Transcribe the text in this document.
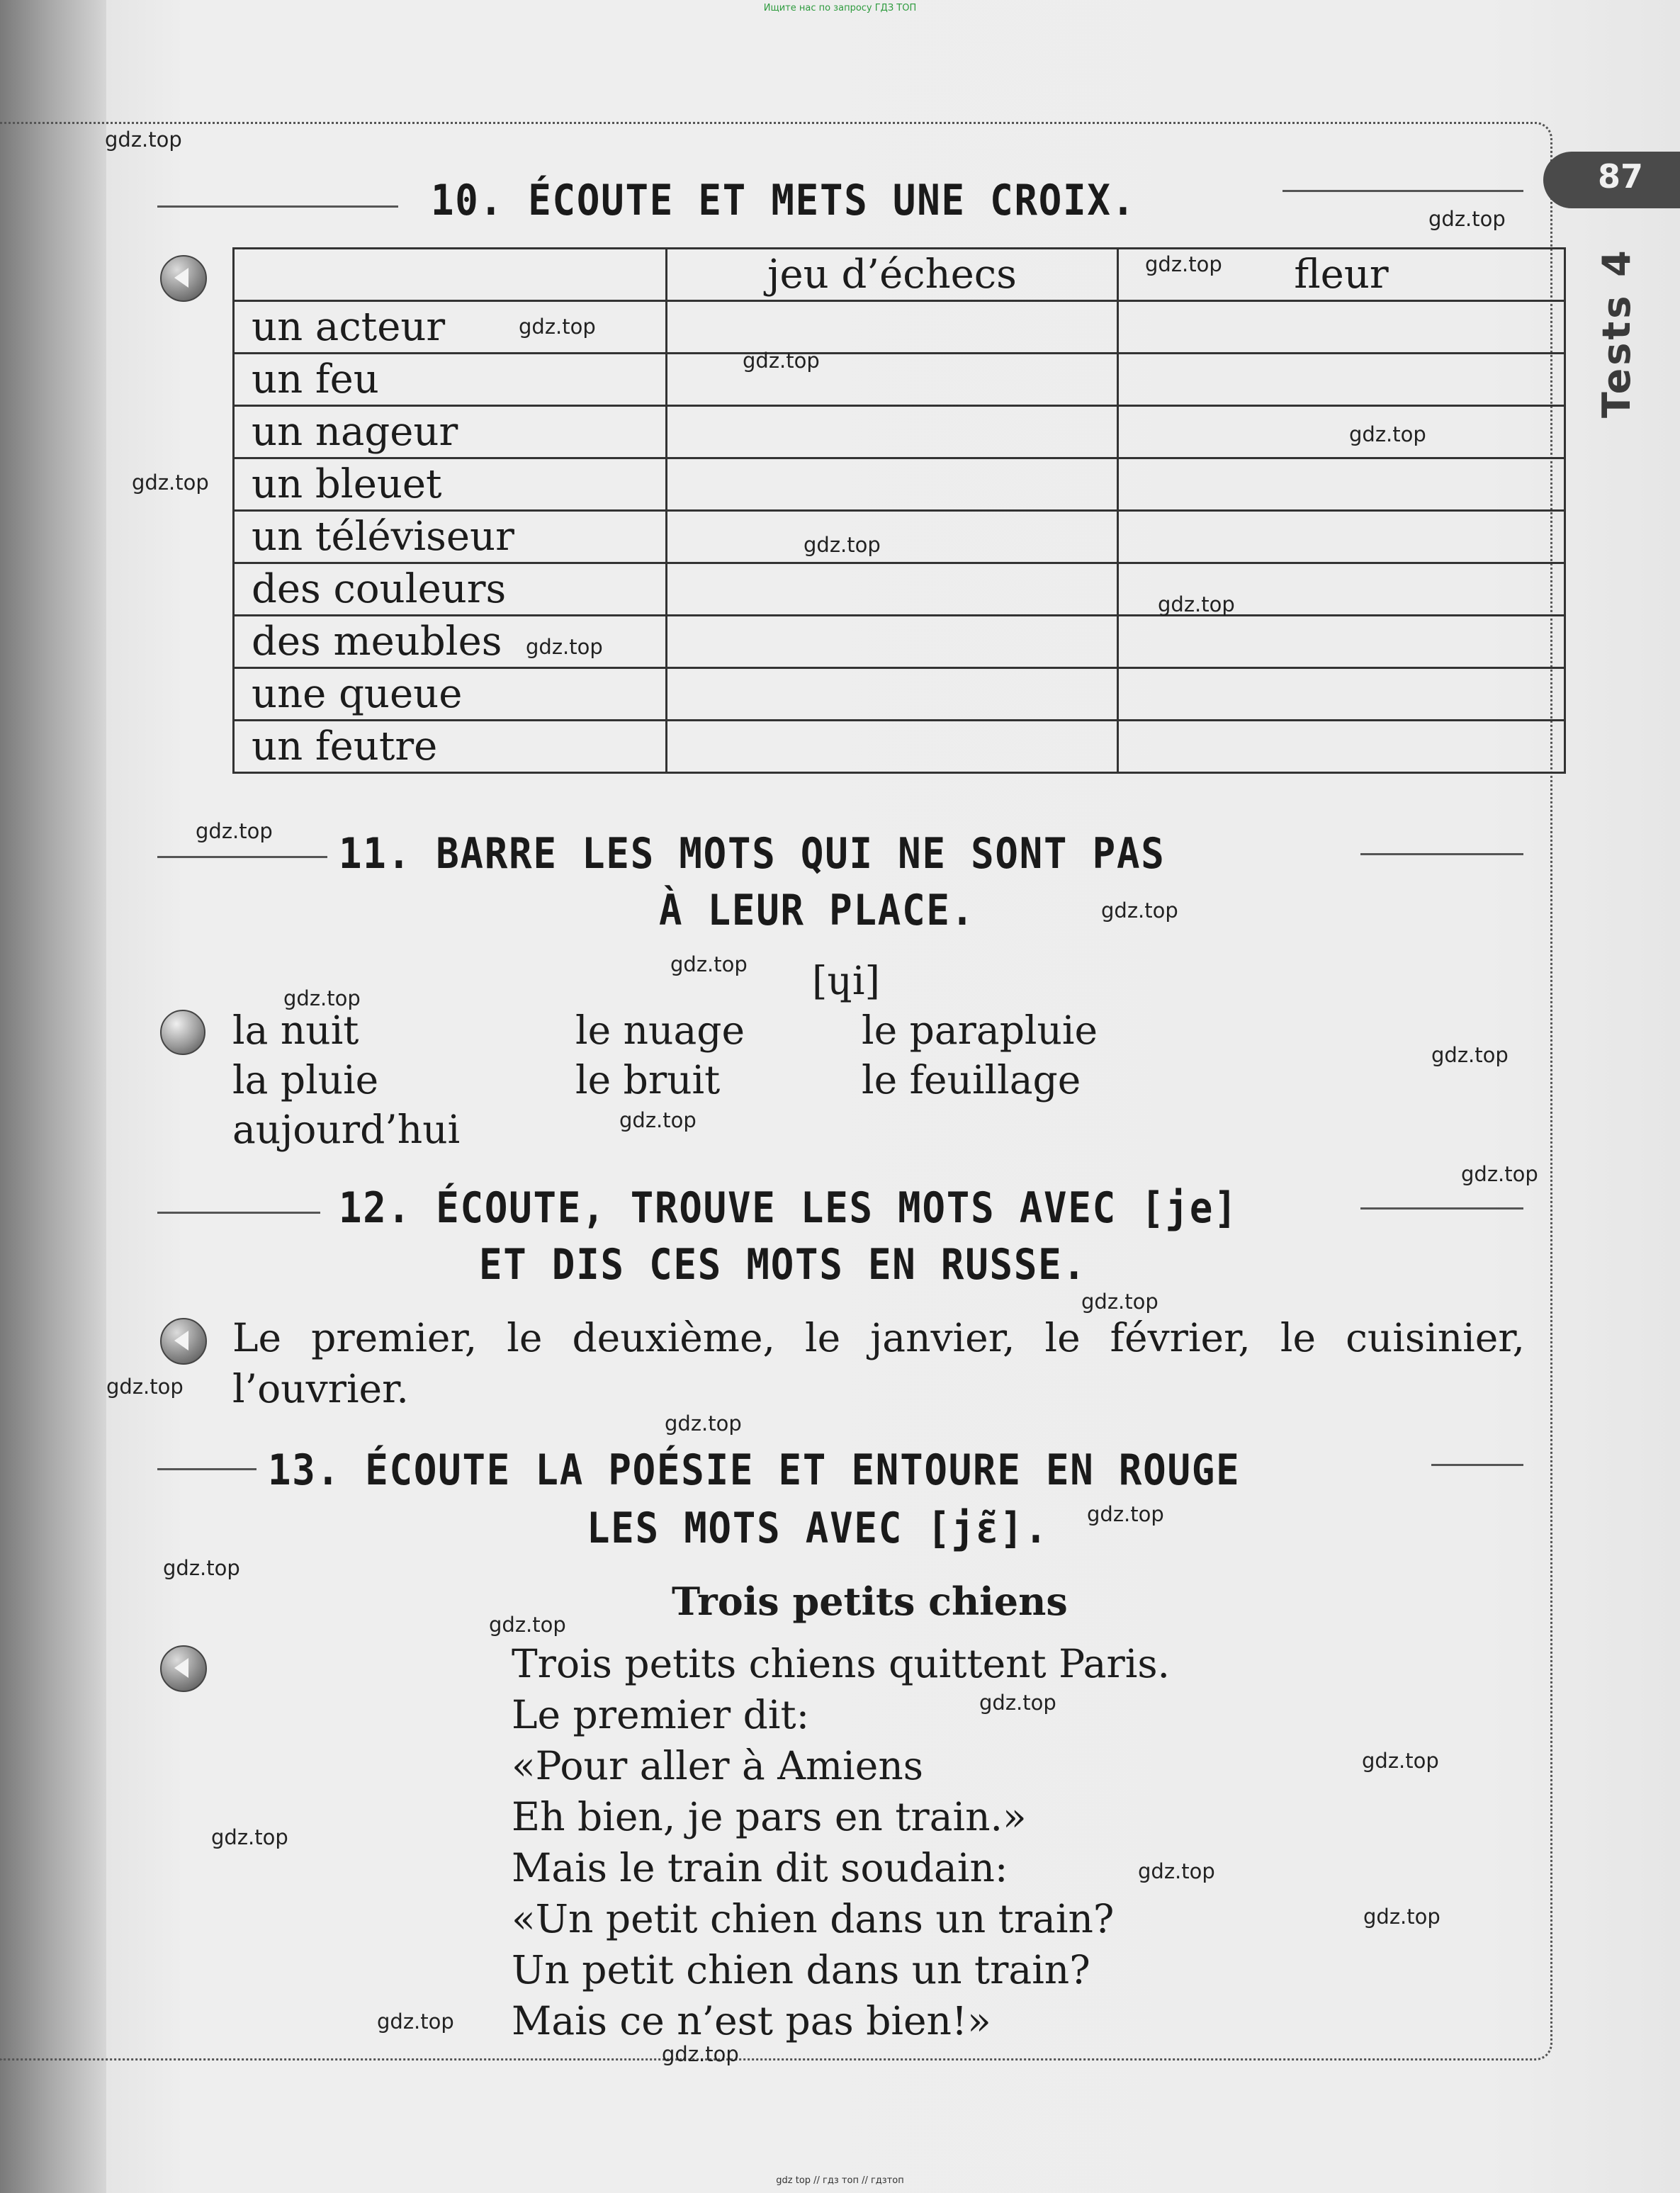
Ищите нас по запросу ГДЗ ТОП
87
Tests 4
10. ÉCOUTE ET METS UNE CROIX.
	jeu d’échecs	fleur
un acteur		
un feu		
un nageur		
un bleuet		
un téléviseur		
des couleurs		
des meubles		
une queue		
un feutre		
11. BARRE LES MOTS QUI NE SONT PAS
À LEUR PLACE.
[ɥi]
la nuit	le nuage	le parapluie
la pluie	le bruit	le feuillage
aujourd’hui
12. ÉCOUTE, TROUVE LES MOTS AVEC [je]
ET DIS CES MOTS EN RUSSE.
Le premier, le deuxième, le janvier, le février, le cuisinier, l’ouvrier.
13. ÉCOUTE LA POÉSIE ET ENTOURE EN ROUGE
LES MOTS AVEC [jɛ̃].
Trois petits chiens
Trois petits chiens quittent Paris.
Le premier dit:
«Pour aller à Amiens
Eh bien, je pars en train.»
Mais le train dit soudain:
«Un petit chien dans un train?
Un petit chien dans un train?
Mais ce n’est pas bien!»
gdz.top
gdz.top
gdz.top
gdz.top
gdz.top
gdz.top
gdz.top
gdz.top
gdz.top
gdz.top
gdz.top
gdz.top
gdz.top
gdz.top
gdz.top
gdz.top
gdz.top
gdz.top
gdz.top
gdz.top
gdz.top
gdz.top
gdz.top
gdz.top
gdz.top
gdz.top
gdz.top
gdz.top
gdz.top
gdz.top
gdz top // гдз топ // гдзтоп
